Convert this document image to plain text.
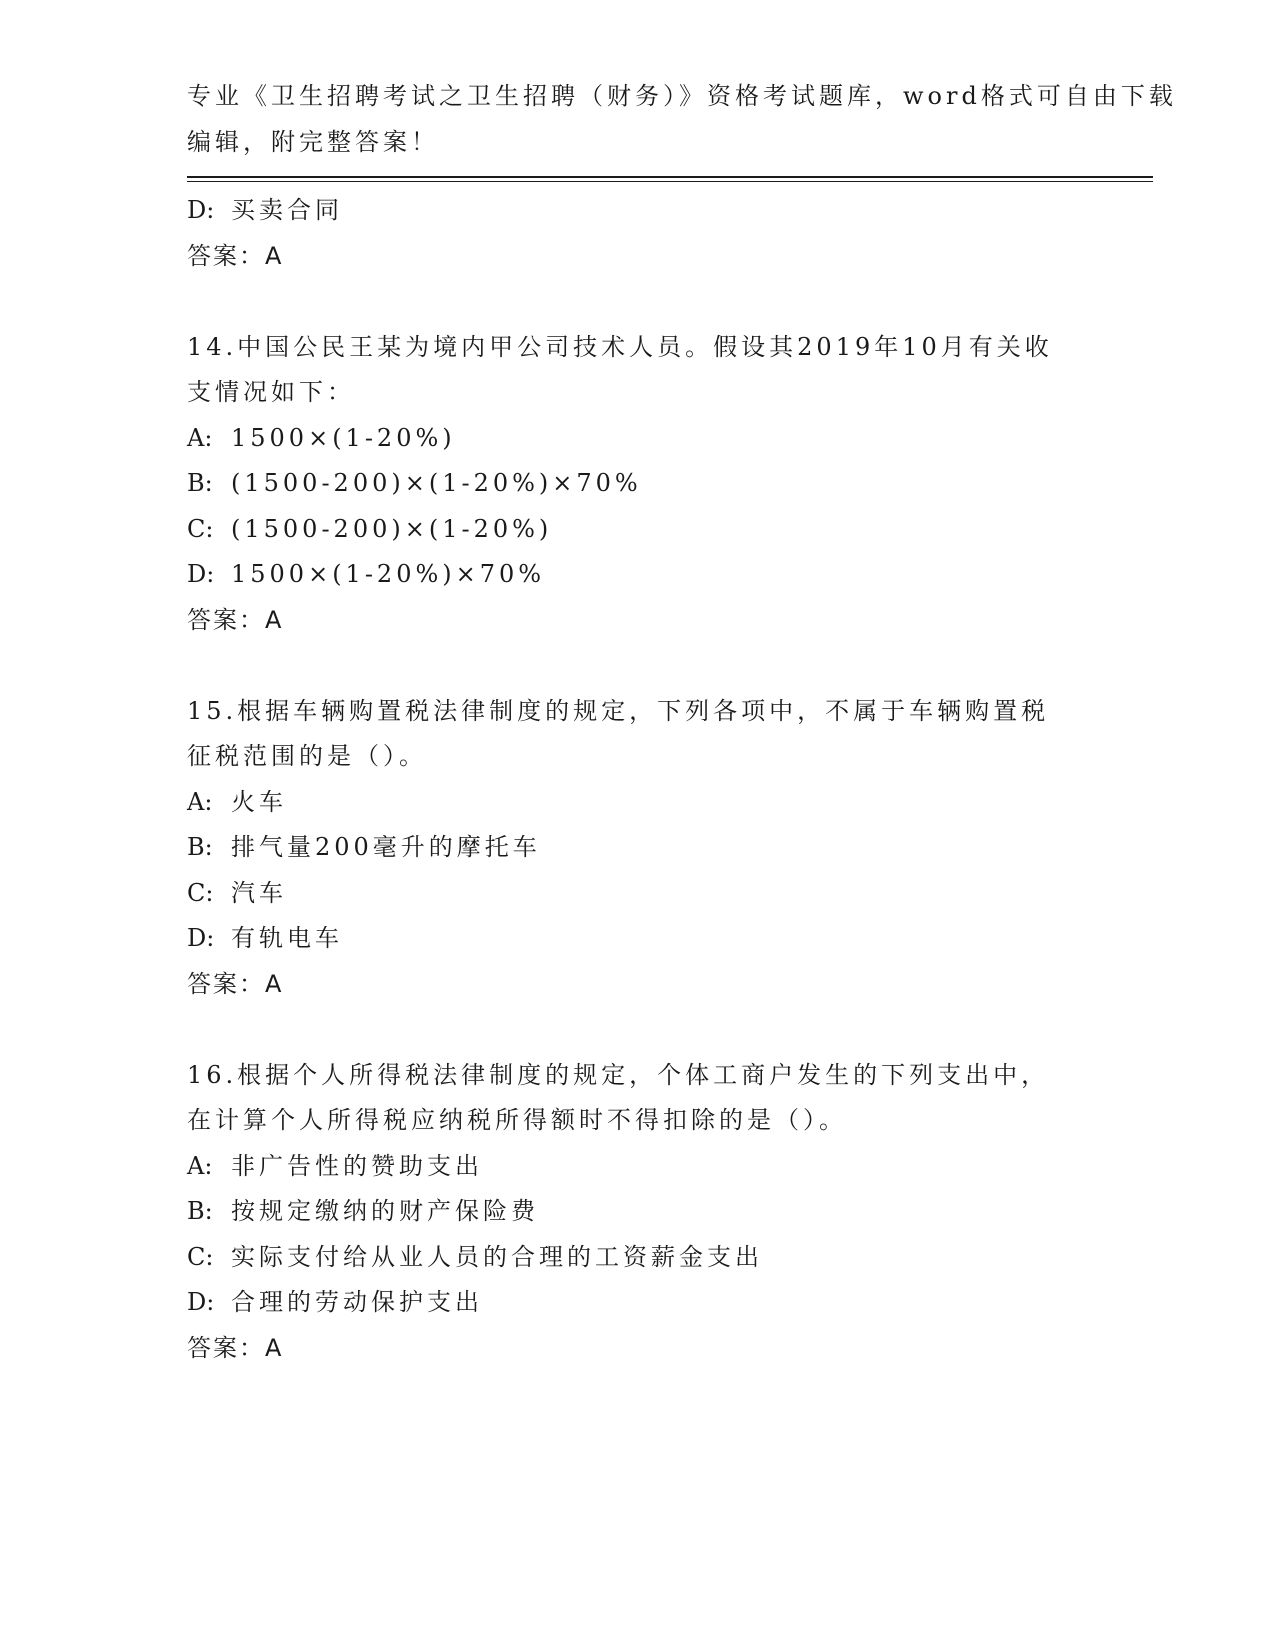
专业《卫生招聘考试之卫生招聘（财务）》资格考试题库，word格式可自由下载
编辑，附完整答案！
D: 买卖合同
答案：A
14.中国公民王某为境内甲公司技术人员。假设其2019年10月有关收
支情况如下：
A: 1500×(1-20%)
B: (1500-200)×(1-20%)×70%
C: (1500-200)×(1-20%)
D: 1500×(1-20%)×70%
答案：A
15.根据车辆购置税法律制度的规定，下列各项中，不属于车辆购置税
征税范围的是（）。
A: 火车
B: 排气量200毫升的摩托车
C: 汽车
D: 有轨电车
答案：A
16.根据个人所得税法律制度的规定，个体工商户发生的下列支出中，
在计算个人所得税应纳税所得额时不得扣除的是（）。
A: 非广告性的赞助支出
B: 按规定缴纳的财产保险费
C: 实际支付给从业人员的合理的工资薪金支出
D: 合理的劳动保护支出
答案：A
